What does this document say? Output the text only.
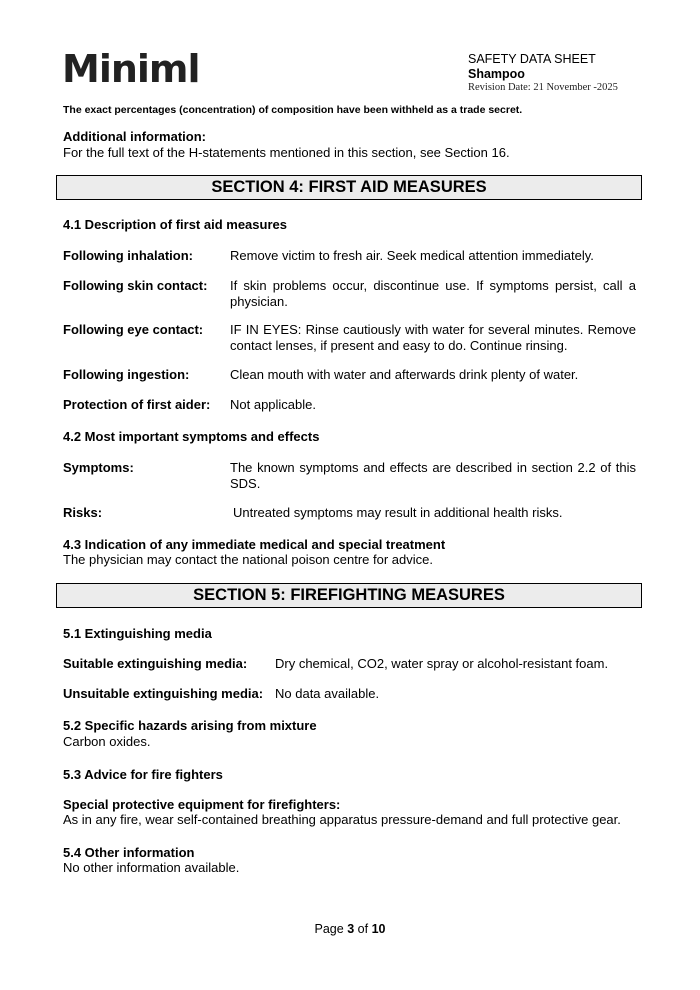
Miniml	SAFETY DATA SHEET
Shampoo
Revision Date: 21 November -2025
The exact percentages (concentration) of composition have been withheld as a trade secret.
Additional information:
For the full text of the H-statements mentioned in this section, see Section 16.
SECTION 4: FIRST AID MEASURES
4.1 Description of first aid measures
Following inhalation:	Remove victim to fresh air. Seek medical attention immediately.
Following skin contact: If skin problems occur, discontinue use. If symptoms persist, call a physician.
Following eye contact: IF IN EYES: Rinse cautiously with water for several minutes. Remove contact lenses, if present and easy to do. Continue rinsing.
Following ingestion:	Clean mouth with water and afterwards drink plenty of water.
Protection of first aider: Not applicable.
4.2 Most important symptoms and effects
Symptoms:	The known symptoms and effects are described in section 2.2 of this SDS.
Risks:	Untreated symptoms may result in additional health risks.
4.3 Indication of any immediate medical and special treatment
The physician may contact the national poison centre for advice.
SECTION 5: FIREFIGHTING MEASURES
5.1 Extinguishing media
Suitable extinguishing media: Dry chemical, CO2, water spray or alcohol-resistant foam.
Unsuitable extinguishing media: No data available.
5.2 Specific hazards arising from mixture
Carbon oxides.
5.3 Advice for fire fighters
Special protective equipment for firefighters:
As in any fire, wear self-contained breathing apparatus pressure-demand and full protective gear.
5.4 Other information
No other information available.
Page 3 of 10
